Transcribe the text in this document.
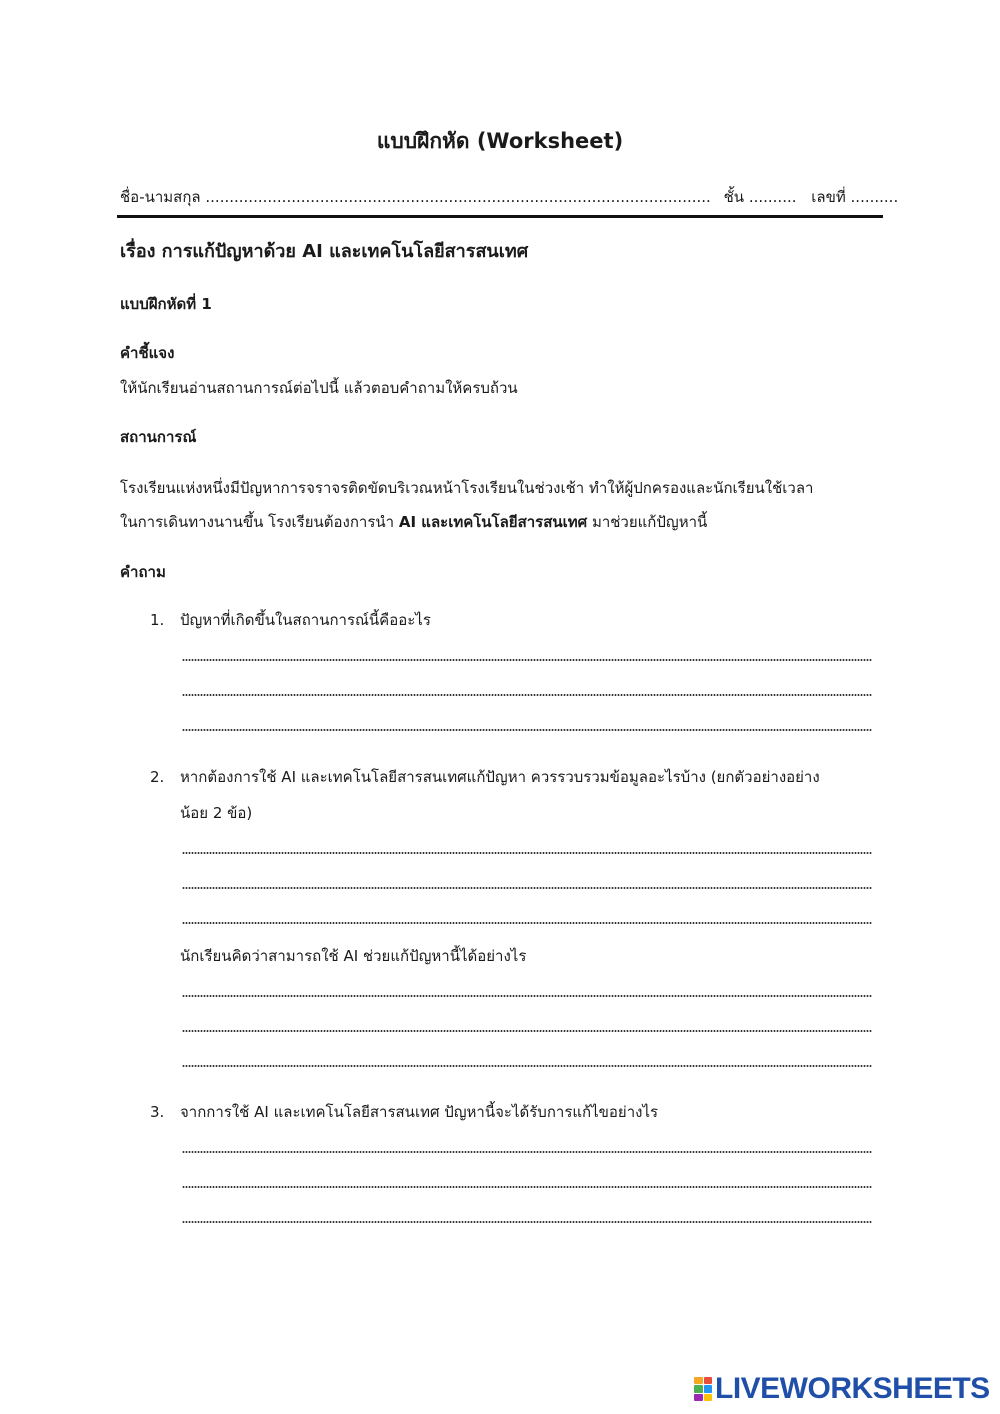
แบบฝึกหัด (Worksheet)
ชื่อ-นามสกุล .......................................................................................................... ชั้น .......... เลขที่ ..........
เรื่อง การแก้ปัญหาด้วย AI และเทคโนโลยีสารสนเทศ
แบบฝึกหัดที่ 1
คำชี้แจง
ให้นักเรียนอ่านสถานการณ์ต่อไปนี้ แล้วตอบคำถามให้ครบถ้วน
สถานการณ์
โรงเรียนแห่งหนึ่งมีปัญหาการจราจรติดขัดบริเวณหน้าโรงเรียนในช่วงเช้า ทำให้ผู้ปกครองและนักเรียนใช้เวลา
ในการเดินทางนานขึ้น โรงเรียนต้องการนำ AI และเทคโนโลยีสารสนเทศ มาช่วยแก้ปัญหานี้
คำถาม
1. ปัญหาที่เกิดขึ้นในสถานการณ์นี้คืออะไร
2. หากต้องการใช้ AI และเทคโนโลยีสารสนเทศแก้ปัญหา ควรรวบรวมข้อมูลอะไรบ้าง (ยกตัวอย่างอย่าง
น้อย 2 ข้อ)
นักเรียนคิดว่าสามารถใช้ AI ช่วยแก้ปัญหานี้ได้อย่างไร
3. จากการใช้ AI และเทคโนโลยีสารสนเทศ ปัญหานี้จะได้รับการแก้ไขอย่างไร
LIVEWORKSHEETS
